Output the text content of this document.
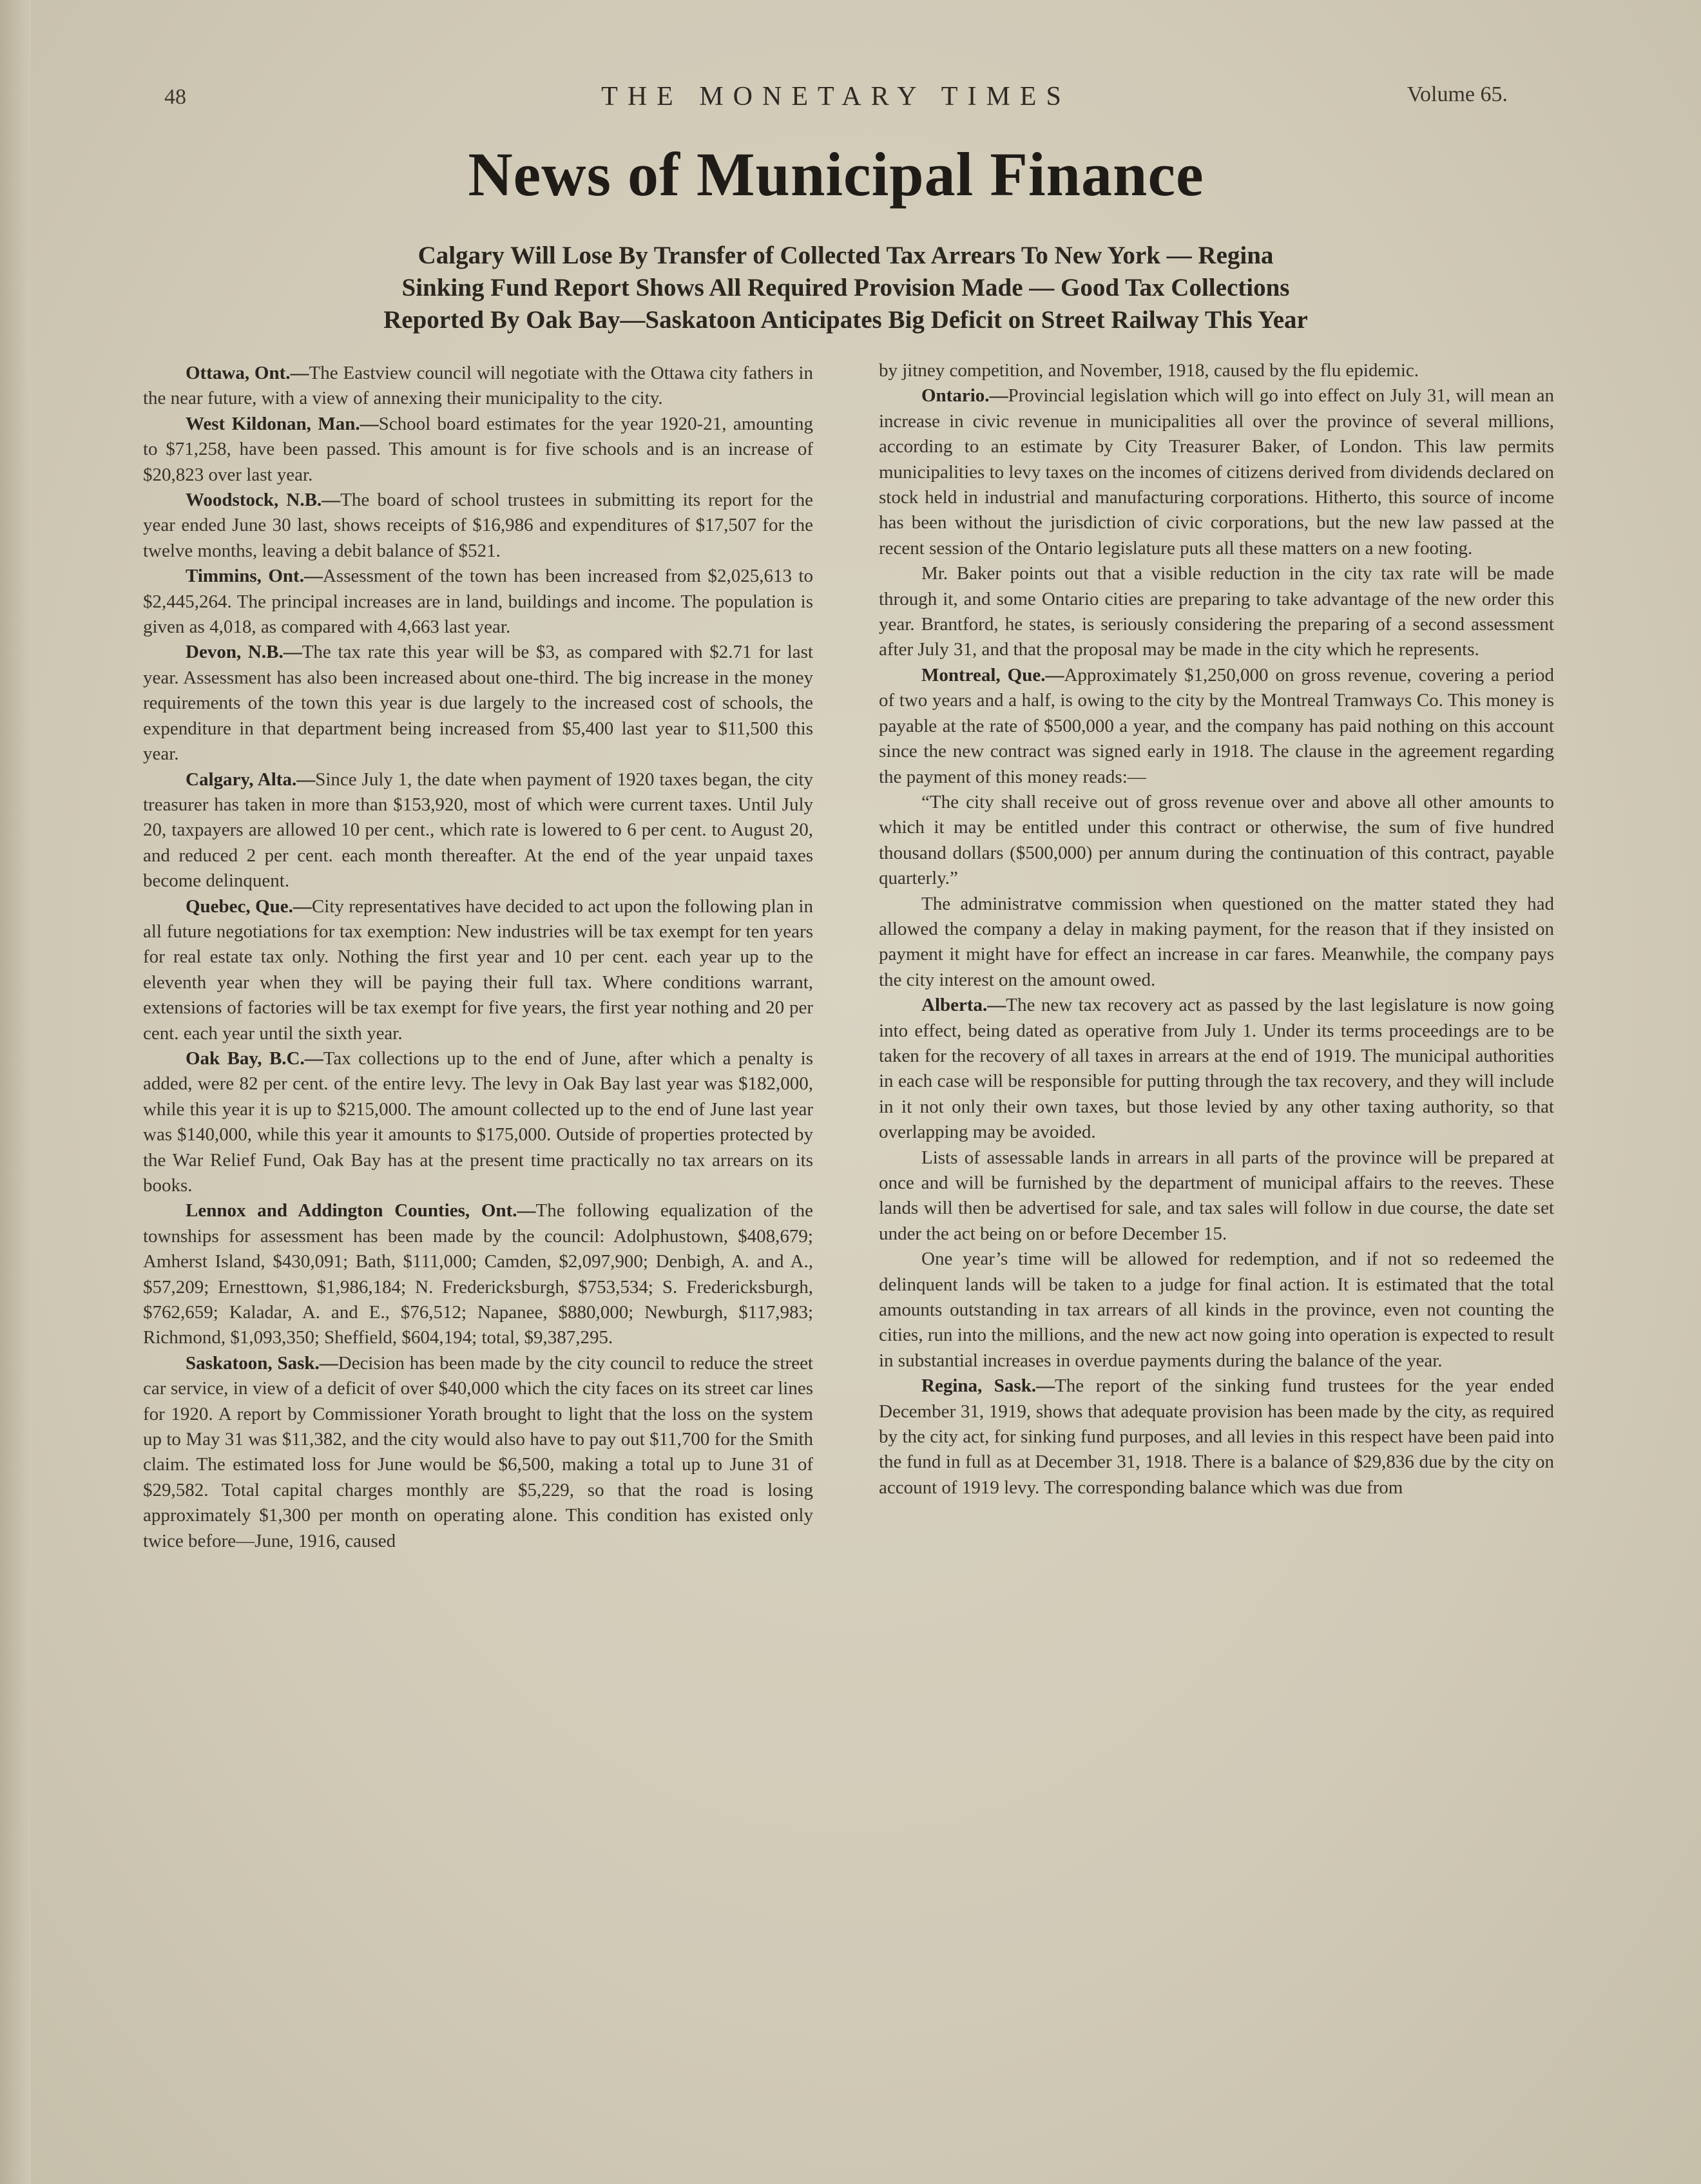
48	THE MONETARY TIMES	Volume 65.
News of Municipal Finance
Calgary Will Lose By Transfer of Collected Tax Arrears To New York — Regina
Sinking Fund Report Shows All Required Provision Made — Good Tax Collections
Reported By Oak Bay—Saskatoon Anticipates Big Deficit on Street Railway This Year

Ottawa, Ont.—The Eastview council will negotiate with the Ottawa city fathers in the near future, with a view of annexing their municipality to the city.

West Kildonan, Man.—School board estimates for the year 1920-21, amounting to $71,258, have been passed. This amount is for five schools and is an increase of $20,823 over last year.

Woodstock, N.B.—The board of school trustees in submitting its report for the year ended June 30 last, shows receipts of $16,986 and expenditures of $17,507 for the twelve months, leaving a debit balance of $521.

Timmins, Ont.—Assessment of the town has been increased from $2,025,613 to $2,445,264. The principal increases are in land, buildings and income. The population is given as 4,018, as compared with 4,663 last year.

Devon, N.B.—The tax rate this year will be $3, as compared with $2.71 for last year. Assessment has also been increased about one-third. The big increase in the money requirements of the town this year is due largely to the increased cost of schools, the expenditure in that department being increased from $5,400 last year to $11,500 this year.

Calgary, Alta.—Since July 1, the date when payment of 1920 taxes began, the city treasurer has taken in more than $153,920, most of which were current taxes. Until July 20, taxpayers are allowed 10 per cent., which rate is lowered to 6 per cent. to August 20, and reduced 2 per cent. each month thereafter. At the end of the year unpaid taxes become delinquent.

Quebec, Que.—City representatives have decided to act upon the following plan in all future negotiations for tax exemption: New industries will be tax exempt for ten years for real estate tax only. Nothing the first year and 10 per cent. each year up to the eleventh year when they will be paying their full tax. Where conditions warrant, extensions of factories will be tax exempt for five years, the first year nothing and 20 per cent. each year until the sixth year.

Oak Bay, B.C.—Tax collections up to the end of June, after which a penalty is added, were 82 per cent. of the entire levy. The levy in Oak Bay last year was $182,000, while this year it is up to $215,000. The amount collected up to the end of June last year was $140,000, while this year it amounts to $175,000. Outside of properties protected by the War Relief Fund, Oak Bay has at the present time practically no tax arrears on its books.

Lennox and Addington Counties, Ont.—The following equalization of the townships for assessment has been made by the council: Adolphustown, $408,679; Amherst Island, $430,091; Bath, $111,000; Camden, $2,097,900; Denbigh, A. and A., $57,209; Ernesttown, $1,986,184; N. Fredericksburgh, $753,534; S. Fredericksburgh, $762,659; Kaladar, A. and E., $76,512; Napanee, $880,000; Newburgh, $117,983; Richmond, $1,093,350; Sheffield, $604,194; total, $9,387,295.

Saskatoon, Sask.—Decision has been made by the city council to reduce the street car service, in view of a deficit of over $40,000 which the city faces on its street car lines for 1920. A report by Commissioner Yorath brought to light that the loss on the system up to May 31 was $11,382, and the city would also have to pay out $11,700 for the Smith claim. The estimated loss for June would be $6,500, making a total up to June 31 of $29,582. Total capital charges monthly are $5,229, so that the road is losing approximately $1,300 per month on operating alone. This condition has existed only twice before—June, 1916, caused

by jitney competition, and November, 1918, caused by the flu epidemic.

Ontario.—Provincial legislation which will go into effect on July 31, will mean an increase in civic revenue in municipalities all over the province of several millions, according to an estimate by City Treasurer Baker, of London. This law permits municipalities to levy taxes on the incomes of citizens derived from dividends declared on stock held in industrial and manufacturing corporations. Hitherto, this source of income has been without the jurisdiction of civic corporations, but the new law passed at the recent session of the Ontario legislature puts all these matters on a new footing.

Mr. Baker points out that a visible reduction in the city tax rate will be made through it, and some Ontario cities are preparing to take advantage of the new order this year. Brantford, he states, is seriously considering the preparing of a second assessment after July 31, and that the proposal may be made in the city which he represents.

Montreal, Que.—Approximately $1,250,000 on gross revenue, covering a period of two years and a half, is owing to the city by the Montreal Tramways Co. This money is payable at the rate of $500,000 a year, and the company has paid nothing on this account since the new contract was signed early in 1918. The clause in the agreement regarding the payment of this money reads:—

“The city shall receive out of gross revenue over and above all other amounts to which it may be entitled under this contract or otherwise, the sum of five hundred thousand dollars ($500,000) per annum during the continuation of this contract, payable quarterly.”

The administratve commission when questioned on the matter stated they had allowed the company a delay in making payment, for the reason that if they insisted on payment it might have for effect an increase in car fares. Meanwhile, the company pays the city interest on the amount owed.

Alberta.—The new tax recovery act as passed by the last legislature is now going into effect, being dated as operative from July 1. Under its terms proceedings are to be taken for the recovery of all taxes in arrears at the end of 1919. The municipal authorities in each case will be responsible for putting through the tax recovery, and they will include in it not only their own taxes, but those levied by any other taxing authority, so that overlapping may be avoided.

Lists of assessable lands in arrears in all parts of the province will be prepared at once and will be furnished by the department of municipal affairs to the reeves. These lands will then be advertised for sale, and tax sales will follow in due course, the date set under the act being on or before December 15.

One year’s time will be allowed for redemption, and if not so redeemed the delinquent lands will be taken to a judge for final action. It is estimated that the total amounts outstanding in tax arrears of all kinds in the province, even not counting the cities, run into the millions, and the new act now going into operation is expected to result in substantial increases in overdue payments during the balance of the year.

Regina, Sask.—The report of the sinking fund trustees for the year ended December 31, 1919, shows that adequate provision has been made by the city, as required by the city act, for sinking fund purposes, and all levies in this respect have been paid into the fund in full as at December 31, 1918. There is a balance of $29,836 due by the city on account of 1919 levy. The corresponding balance which was due from
